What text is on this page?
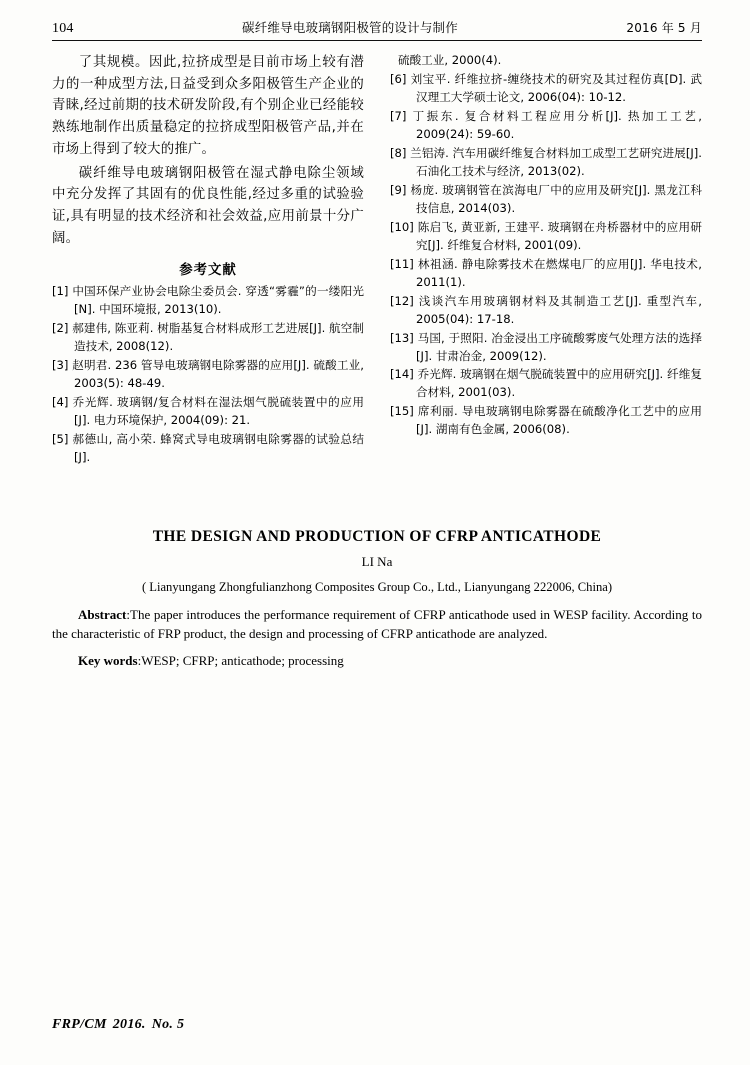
104	碳纤维导电玻璃钢阳极管的设计与制作	2016 年 5 月

了其规模。因此,拉挤成型是目前市场上较有潜力的一种成型方法,日益受到众多阳极管生产企业的青睐,经过前期的技术研发阶段,有个别企业已经能较熟练地制作出质量稳定的拉挤成型阳极管产品,并在市场上得到了较大的推广。

碳纤维导电玻璃钢阳极管在湿式静电除尘领域中充分发挥了其固有的优良性能,经过多重的试验验证,具有明显的技术经济和社会效益,应用前景十分广阔。

参考文献
[1] 中国环保产业协会电除尘委员会. 穿透“雾霾”的一缕阳光[N]. 中国环境报, 2013(10).
[2] 郝建伟, 陈亚莉. 树脂基复合材料成形工艺进展[J]. 航空制造技术, 2008(12).
[3] 赵明君. 236 管导电玻璃钢电除雾器的应用[J]. 硫酸工业, 2003(5): 48-49.
[4] 乔光辉. 玻璃钢/复合材料在湿法烟气脱硫装置中的应用[J]. 电力环境保护, 2004(09): 21.
[5] 郝德山, 高小荣. 蜂窝式导电玻璃钢电除雾器的试验总结[J].
硫酸工业, 2000(4).
[6] 刘宝平. 纤维拉挤-缠绕技术的研究及其过程仿真[D]. 武汉理工大学硕士论文, 2006(04): 10-12.
[7] 丁振东. 复合材料工程应用分析[J]. 热加工工艺, 2009(24): 59-60.
[8] 兰铝涛. 汽车用碳纤维复合材料加工成型工艺研究进展[J]. 石油化工技术与经济, 2013(02).
[9] 杨庞. 玻璃钢管在滨海电厂中的应用及研究[J]. 黑龙江科技信息, 2014(03).
[10] 陈启飞, 黄亚新, 王建平. 玻璃钢在舟桥器材中的应用研究[J]. 纤维复合材料, 2001(09).
[11] 林祖涵. 静电除雾技术在燃煤电厂的应用[J]. 华电技术, 2011(1).
[12] 浅谈汽车用玻璃钢材料及其制造工艺[J]. 重型汽车, 2005(04): 17-18.
[13] 马国, 于照阳. 冶金浸出工序硫酸雾废气处理方法的选择[J]. 甘肃冶金, 2009(12).
[14] 乔光辉. 玻璃钢在烟气脱硫装置中的应用研究[J]. 纤维复合材料, 2001(03).
[15] 席利丽. 导电玻璃钢电除雾器在硫酸净化工艺中的应用[J]. 湖南有色金属, 2006(08).
THE DESIGN AND PRODUCTION OF CFRP ANTICATHODE
LI Na
( Lianyungang Zhongfulianzhong Composites Group Co., Ltd., Lianyungang 222006, China)

Abstract:The paper introduces the performance requirement of CFRP anticathode used in WESP facility. According to the characteristic of FRP product, the design and processing of CFRP anticathode are analyzed.

Key words:WESP; CFRP; anticathode; processing

FRP/CM 2016. No. 5
